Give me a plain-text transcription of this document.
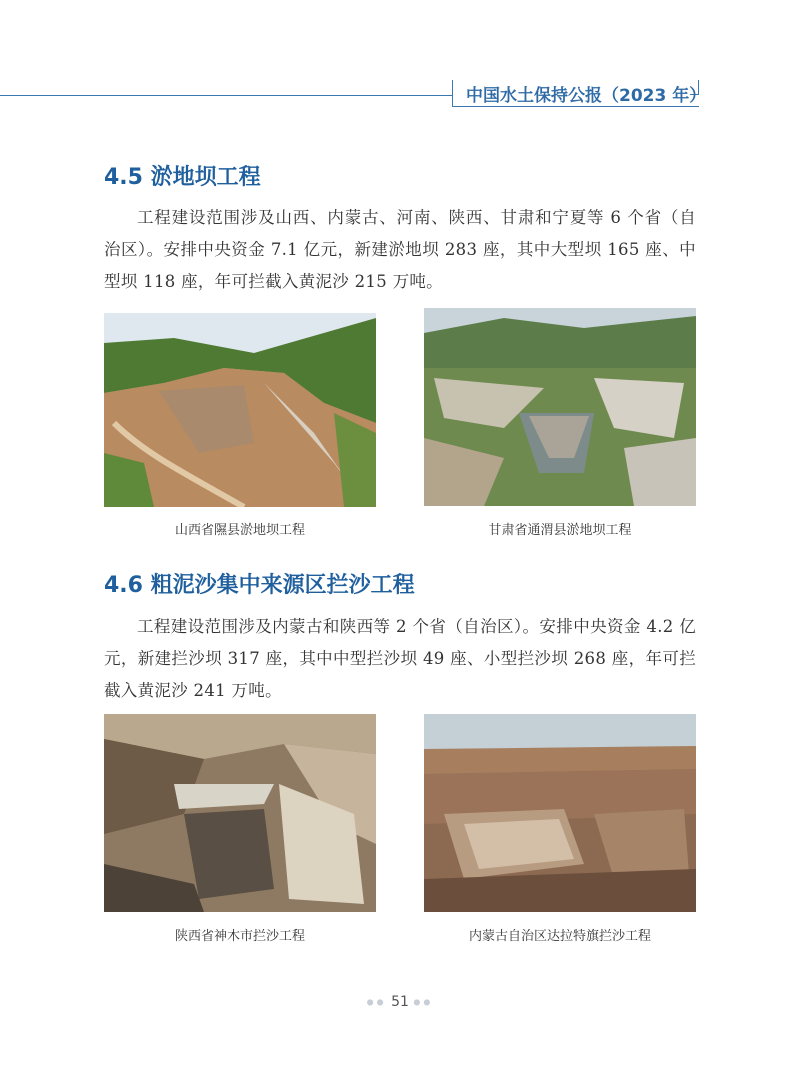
中国水土保持公报（2023 年）
4.5 淤地坝工程
工程建设范围涉及山西、内蒙古、河南、陕西、甘肃和宁夏等 6 个省（自治区）。安排中央资金 7.1 亿元，新建淤地坝 283 座，其中大型坝 165 座、中型坝 118 座，年可拦截入黄泥沙 215 万吨。
山西省隰县淤地坝工程	甘肃省通渭县淤地坝工程
4.6 粗泥沙集中来源区拦沙工程
工程建设范围涉及内蒙古和陕西等 2 个省（自治区）。安排中央资金 4.2 亿元，新建拦沙坝 317 座，其中中型拦沙坝 49 座、小型拦沙坝 268 座，年可拦截入黄泥沙 241 万吨。
陕西省神木市拦沙工程	内蒙古自治区达拉特旗拦沙工程
●● 51 ●●
